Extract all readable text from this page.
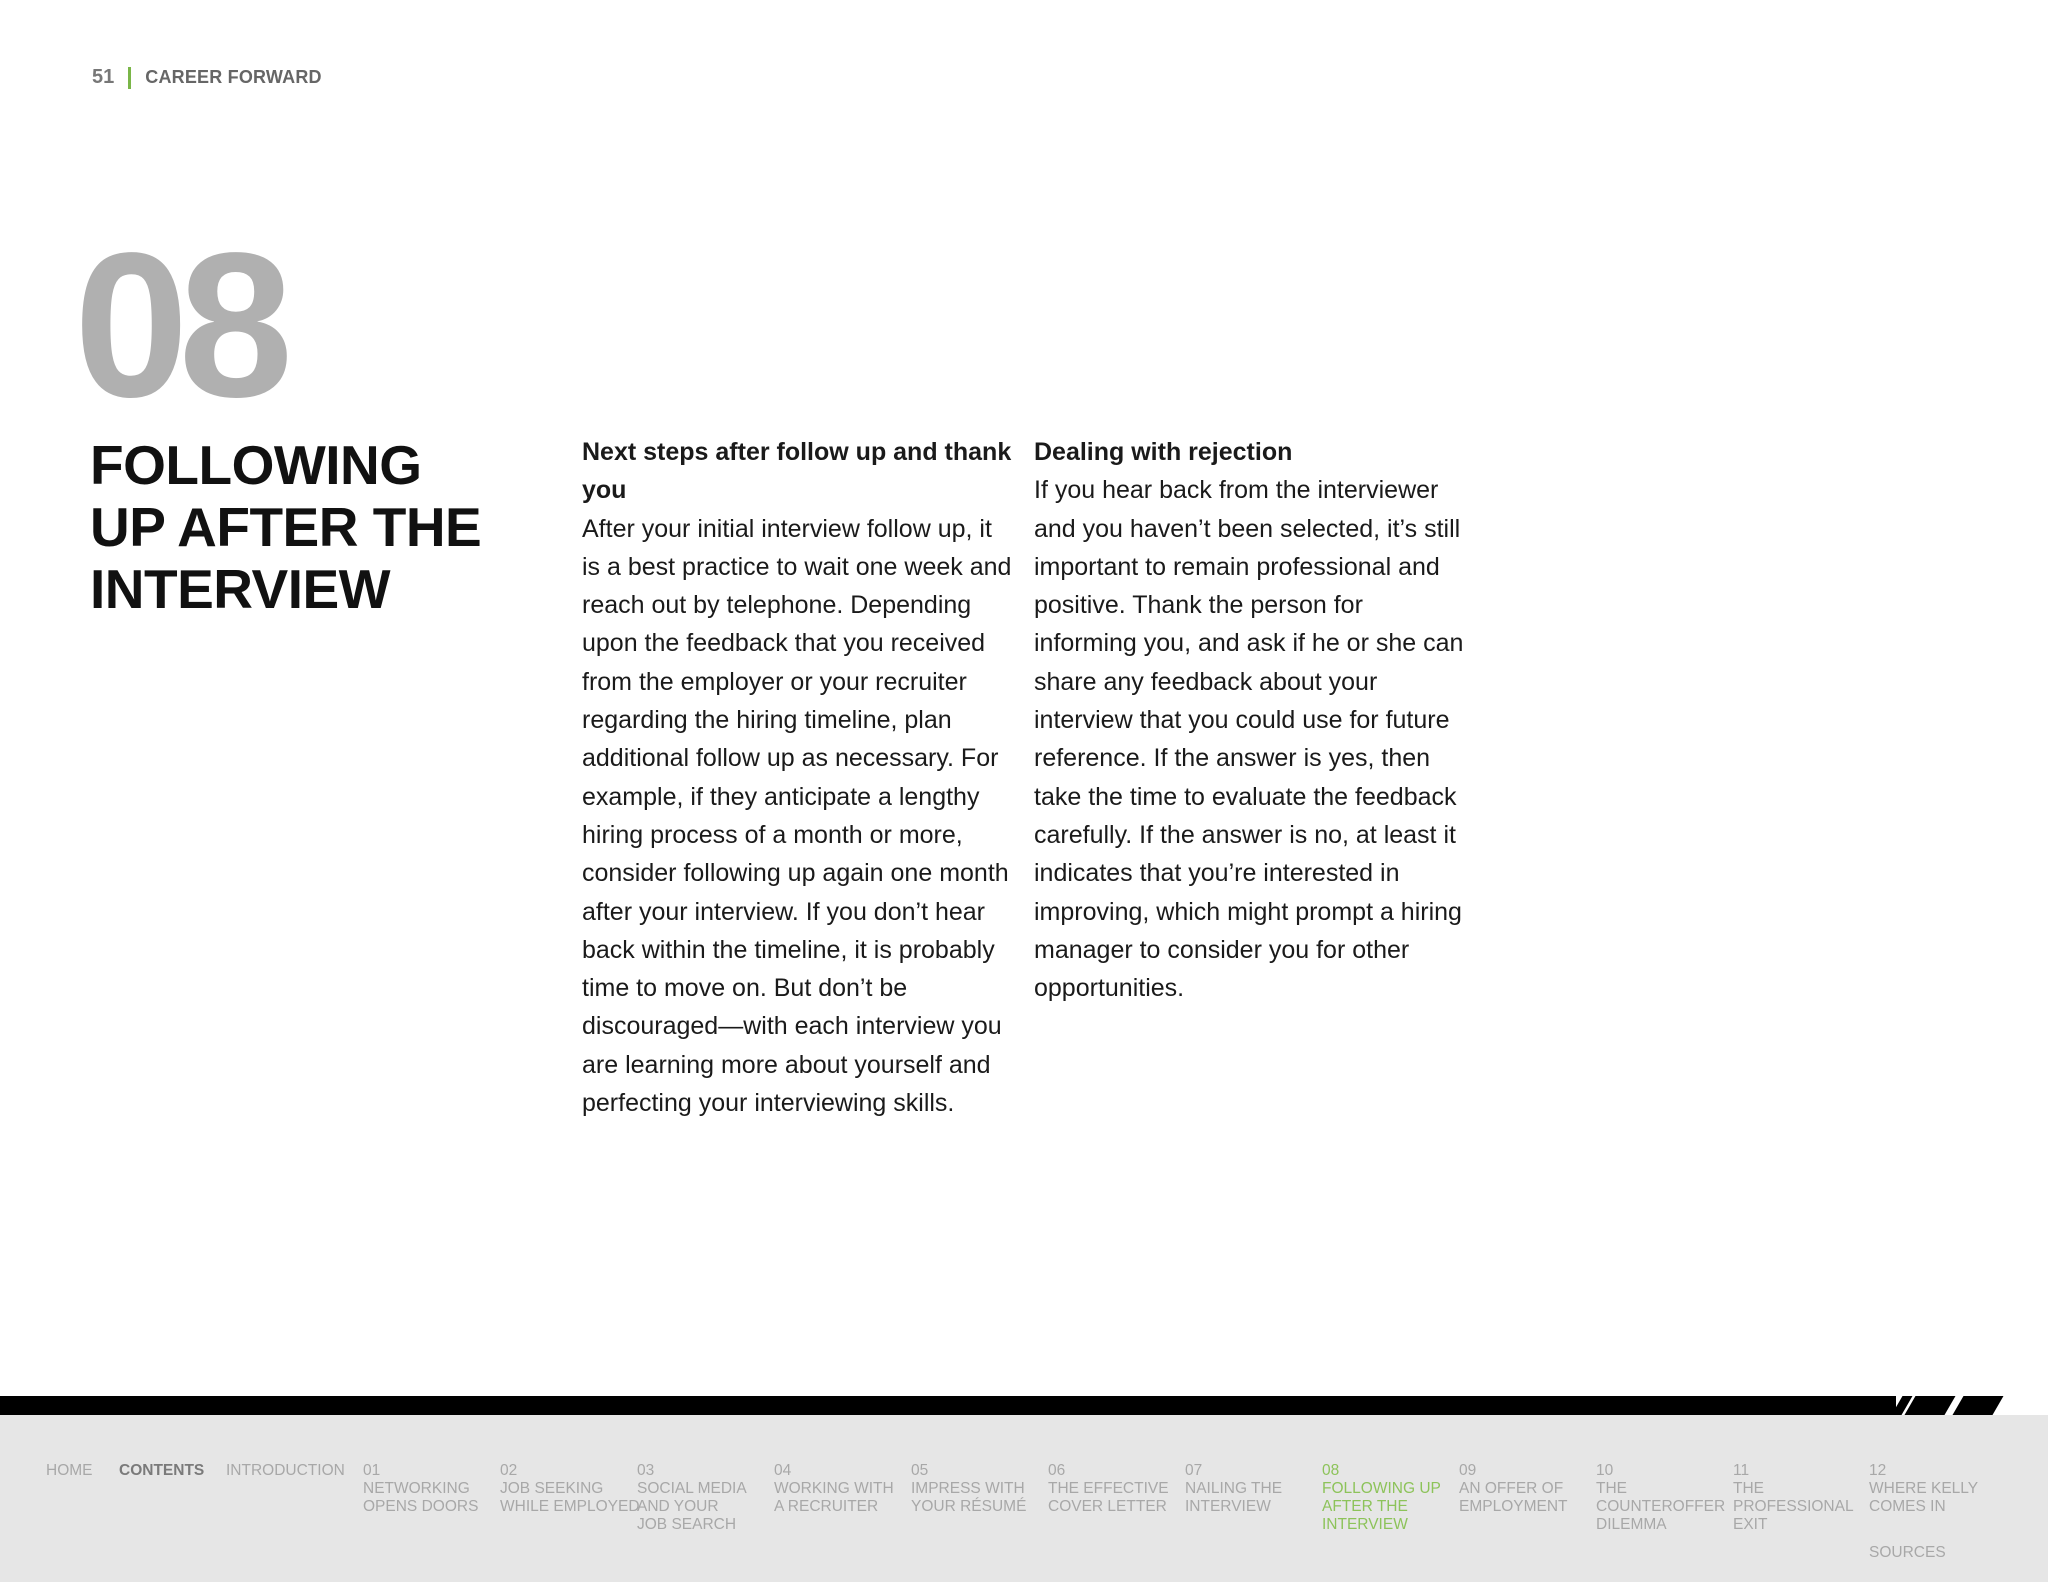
51 CAREER FORWARD
08
FOLLOWING
UP AFTER THE
INTERVIEW
Next steps after follow up and thank you

After your initial interview follow up, it is a best practice to wait one week and reach out by telephone. Depending upon the feedback that you received from the employer or your recruiter regarding the hiring timeline, plan additional follow up as necessary. For example, if they anticipate a lengthy hiring process of a month or more, consider following up again one month after your interview. If you don’t hear back within the timeline, it is probably time to move on. But don’t be discouraged—with each interview you are learning more about yourself and perfecting your interviewing skills.

Dealing with rejection

If you hear back from the interviewer and you haven’t been selected, it’s still important to remain professional and positive. Thank the person for informing you, and ask if he or she can share any feedback about your interview that you could use for future reference. If the answer is yes, then take the time to evaluate the feedback carefully. If the answer is no, at least it indicates that you’re interested in improving, which might prompt a hiring manager to consider you for other opportunities.

HOME CONTENTS INTRODUCTION 01
NETWORKING
OPENS DOORS
02
JOB SEEKING
WHILE EMPLOYED
03
SOCIAL MEDIA
AND YOUR
JOB SEARCH
04
WORKING WITH
A RECRUITER
05
IMPRESS WITH
YOUR RÉSUMÉ
06
THE EFFECTIVE
COVER LETTER
07
NAILING THE
INTERVIEW
08
FOLLOWING UP
AFTER THE
INTERVIEW
09
AN OFFER OF
EMPLOYMENT
10
THE
COUNTEROFFER
DILEMMA
11
THE
PROFESSIONAL
EXIT
12
WHERE KELLY
COMES IN
SOURCES
